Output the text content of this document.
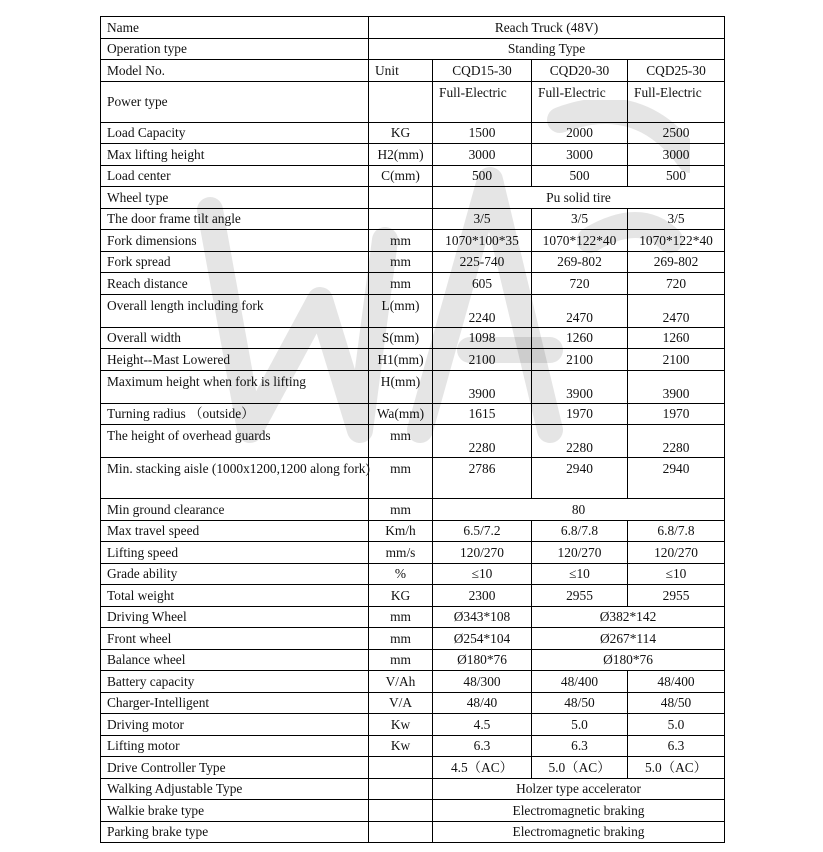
Name	Reach Truck (48V)			
Operation type	Standing Type			
Model No.	Unit	CQD15-30	CQD20-30	CQD25-30
Power type		Full-Electric	Full-Electric	Full-Electric
Load Capacity	KG	1500	2000	2500
Max lifting height	H2(mm)	3000	3000	3000
Load center	C(mm)	500	500	500
Wheel type		Pu solid tire		
The door frame tilt angle		3/5	3/5	3/5
Fork dimensions	mm	1070*100*35	1070*122*40	1070*122*40
Fork spread	mm	225-740	269-802	269-802
Reach distance	mm	605	720	720
Overall length including fork	L(mm)	2240	2470	2470
Overall width	S(mm)	1098	1260	1260
Height--Mast Lowered	H1(mm)	2100	2100	2100
Maximum height when fork is lifting	H(mm)	3900	3900	3900
Turning radius （outside）	Wa(mm)	1615	1970	1970
The height of overhead guards	mm	2280	2280	2280
Min. stacking aisle (1000x1200,1200 along fork)	mm	2786	2940	2940
Min ground clearance	mm	80		
Max travel speed	Km/h	6.5/7.2	6.8/7.8	6.8/7.8
Lifting speed	mm/s	120/270	120/270	120/270
Grade ability	%	≤10	≤10	≤10
Total weight	KG	2300	2955	2955
Driving Wheel	mm	Ø343*108	Ø382*142	
Front wheel	mm	Ø254*104	Ø267*114	
Balance wheel	mm	Ø180*76	Ø180*76	
Battery capacity	V/Ah	48/300	48/400	48/400
Charger-Intelligent	V/A	48/40	48/50	48/50
Driving motor	Kw	4.5	5.0	5.0
Lifting motor	Kw	6.3	6.3	6.3
Drive Controller Type		4.5（AC）	5.0（AC）	5.0（AC）
Walking Adjustable Type		Holzer type accelerator		
Walkie brake type		Electromagnetic braking		
Parking brake type		Electromagnetic braking		
